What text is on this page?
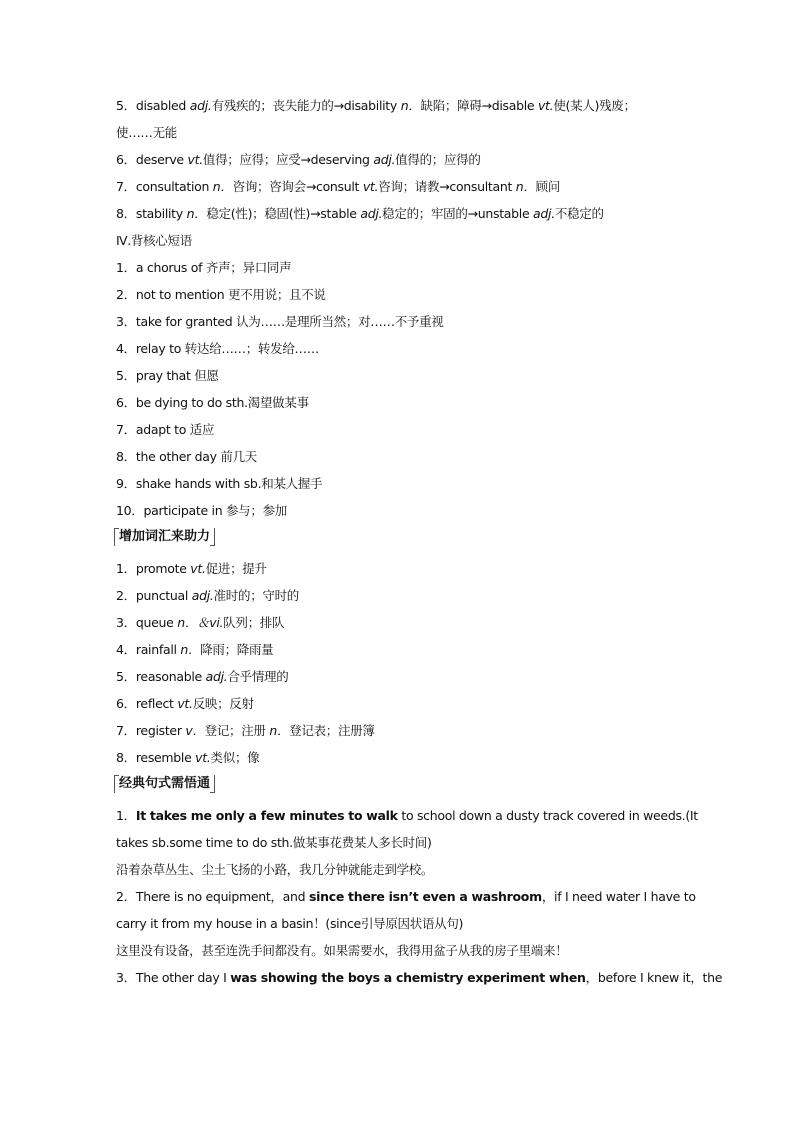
5．disabled adj.有残疾的；丧失能力的→disability n．缺陷；障碍→disable vt.使(某人)残废；
使……无能
6．deserve vt.值得；应得；应受→deserving adj.值得的；应得的
7．consultation n．咨询；咨询会→consult vt.咨询；请教→consultant n．顾问
8．stability n．稳定(性)；稳固(性)→stable adj.稳定的；牢固的→unstable adj.不稳定的
Ⅳ.背核心短语
1．a chorus of 齐声；异口同声
2．not to mention 更不用说；且不说
3．take for granted 认为……是理所当然；对……不予重视
4．relay to 转达给……；转发给……
5．pray that 但愿
6．be dying to do sth.渴望做某事
7．adapt to 适应
8．the other day 前几天
9．shake hands with sb.和某人握手
10．participate in 参与；参加
增加词汇来助力
1．promote vt.促进；提升
2．punctual adj.准时的；守时的
3．queue n．＆vi.队列；排队
4．rainfall n．降雨；降雨量
5．reasonable adj.合乎情理的
6．reflect vt.反映；反射
7．register v．登记；注册 n．登记表；注册簿
8．resemble vt.类似；像
经典句式需悟通
1．It takes me only a few minutes to walk to school down a dusty track covered in weeds.(It
takes sb.some time to do sth.做某事花费某人多长时间)
沿着杂草丛生、尘土飞扬的小路，我几分钟就能走到学校。
2．There is no equipment，and since there isn’t even a washroom，if I need water I have to
carry it from my house in a basin！(since引导原因状语从句)
这里没有设备，甚至连洗手间都没有。如果需要水，我得用盆子从我的房子里端来！
3．The other day I was showing the boys a chemistry experiment when，before I knew it，the
